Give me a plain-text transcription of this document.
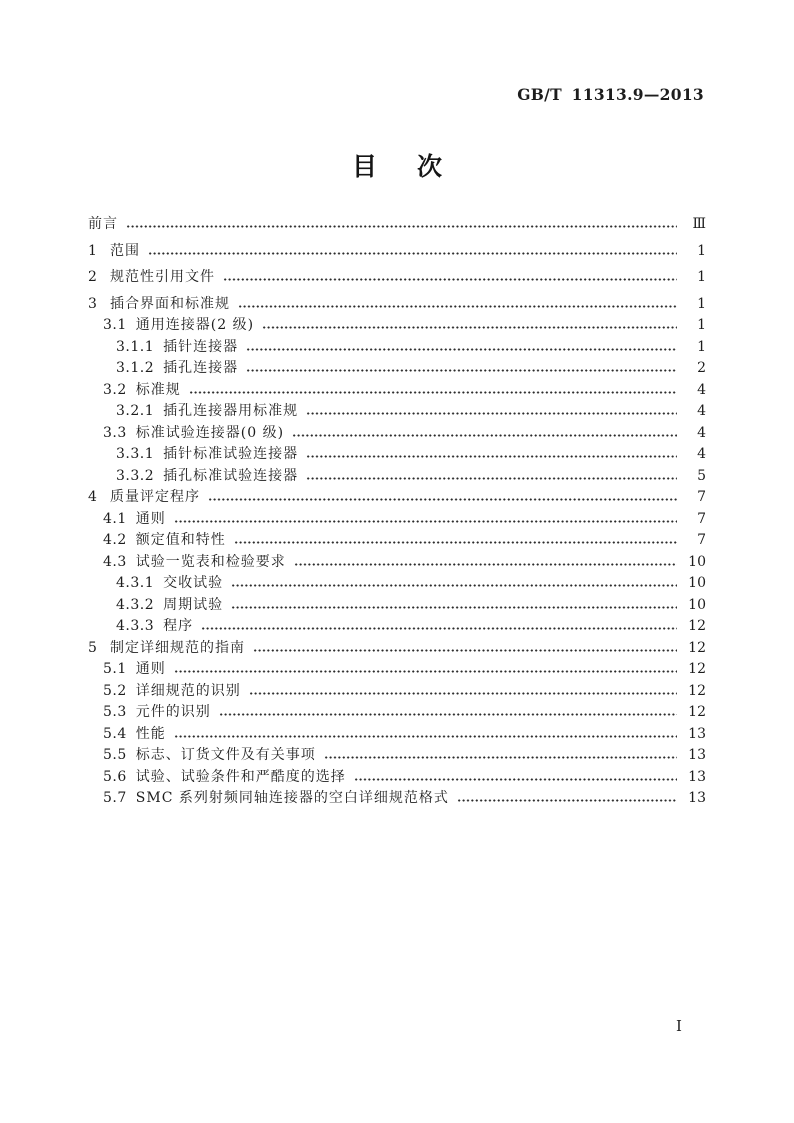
GB/T 11313.9—2013
目 次
前言	Ⅲ
1 范围	1
2 规范性引用文件	1
3 插合界面和标准规	1
3.1 通用连接器(2 级)	1
3.1.1 插针连接器	1
3.1.2 插孔连接器	2
3.2 标准规	4
3.2.1 插孔连接器用标准规	4
3.3 标准试验连接器(0 级)	4
3.3.1 插针标准试验连接器	4
3.3.2 插孔标准试验连接器	5
4 质量评定程序	7
4.1 通则	7
4.2 额定值和特性	7
4.3 试验一览表和检验要求	10
4.3.1 交收试验	10
4.3.2 周期试验	10
4.3.3 程序	12
5 制定详细规范的指南	12
5.1 通则	12
5.2 详细规范的识别	12
5.3 元件的识别	12
5.4 性能	13
5.5 标志、订货文件及有关事项	13
5.6 试验、试验条件和严酷度的选择	13
5.7 SMC 系列射频同轴连接器的空白详细规范格式	13
I
